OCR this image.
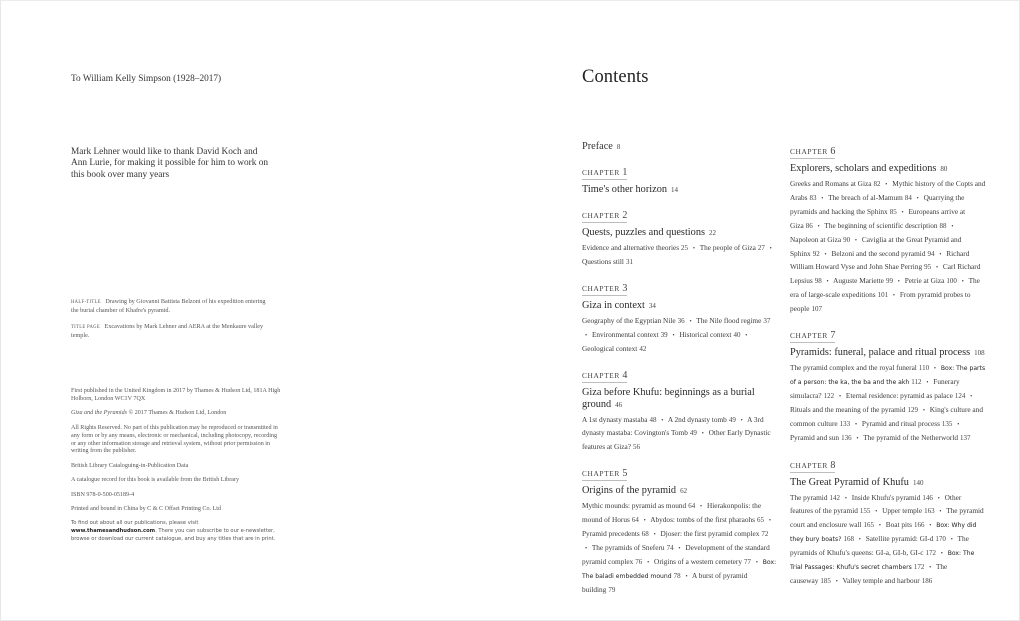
To William Kelly Simpson (1928–2017)
Mark Lehner would like to thank David Koch and Ann Lurie, for making it possible for him to work on this book over many years
HALF-TITLE Drawing by Giovanni Battista Belzoni of his expedition entering the burial chamber of Khafre's pyramid.
TITLE PAGE Excavations by Mark Lehner and AERA at the Menkaure valley temple.

First published in the United Kingdom in 2017 by Thames & Hudson Ltd, 181A High Holborn, London WC1V 7QX

Giza and the Pyramids © 2017 Thames & Hudson Ltd, London

All Rights Reserved. No part of this publication may be reproduced or transmitted in any form or by any means, electronic or mechanical, including photocopy, recording or any other information storage and retrieval system, without prior permission in writing from the publisher.

British Library Cataloguing-in-Publication Data

A catalogue record for this book is available from the British Library

ISBN 978-0-500-05189-4

Printed and bound in China by C & C Offset Printing Co. Ltd

To find out about all our publications, please visit
www.thamesandhudson.com. There you can subscribe to our e-newsletter, browse or download our current catalogue, and buy any titles that are in print.

Contents
Preface 8
CHAPTER 1
Time's other horizon 14
CHAPTER 2
Quests, puzzles and questions 22
Evidence and alternative theories 25 • The people of Giza 27 • Questions still 31
CHAPTER 3
Giza in context 34
Geography of the Egyptian Nile 36 • The Nile flood regime 37 • Environmental context 39 • Historical context 40 • Geological context 42
CHAPTER 4
Giza before Khufu: beginnings as a burial ground 46
A 1st dynasty mastaba 48 • A 2nd dynasty tomb 49 • A 3rd dynasty mastaba: Covington's Tomb 49 • Other Early Dynastic features at Giza? 56
CHAPTER 5
Origins of the pyramid 62
Mythic mounds: pyramid as mound 64 • Hierakonpolis: the mound of Horus 64 • Abydos: tombs of the first pharaohs 65 • Pyramid precedents 68 • Djoser: the first pyramid complex 72 • The pyramids of Sneferu 74 • Development of the standard pyramid complex 76 • Origins of a western cemetery 77 • Box: The baladi embedded mound 78 • A burst of pyramid building 79
CHAPTER 6
Explorers, scholars and expeditions 80
Greeks and Romans at Giza 82 • Mythic history of the Copts and Arabs 83 • The breach of al-Mamum 84 • Quarrying the pyramids and hacking the Sphinx 85 • Europeans arrive at Giza 86 • The beginning of scientific description 88 • Napoleon at Giza 90 • Caviglia at the Great Pyramid and Sphinx 92 • Belzoni and the second pyramid 94 • Richard William Howard Vyse and John Shae Perring 95 • Carl Richard Lepsius 98 • Auguste Mariette 99 • Petrie at Giza 100 • The era of large-scale expeditions 101 • From pyramid probes to people 107
CHAPTER 7
Pyramids: funeral, palace and ritual process 108
The pyramid complex and the royal funeral 110 • Box: The parts of a person: the ka, the ba and the akh 112 • Funerary simulacra? 122 • Eternal residence: pyramid as palace 124 • Rituals and the meaning of the pyramid 129 • King's culture and common culture 133 • Pyramid and ritual process 135 • Pyramid and sun 136 • The pyramid of the Netherworld 137
CHAPTER 8
The Great Pyramid of Khufu 140
The pyramid 142 • Inside Khufu's pyramid 146 • Other features of the pyramid 155 • Upper temple 163 • The pyramid court and enclosure wall 165 • Boat pits 166 • Box: Why did they bury boats? 168 • Satellite pyramid: GI-d 170 • The pyramids of Khufu's queens: GI-a, GI-b, GI-c 172 • Box: The Trial Passages: Khufu's secret chambers 172 • The causeway 185 • Valley temple and harbour 186
